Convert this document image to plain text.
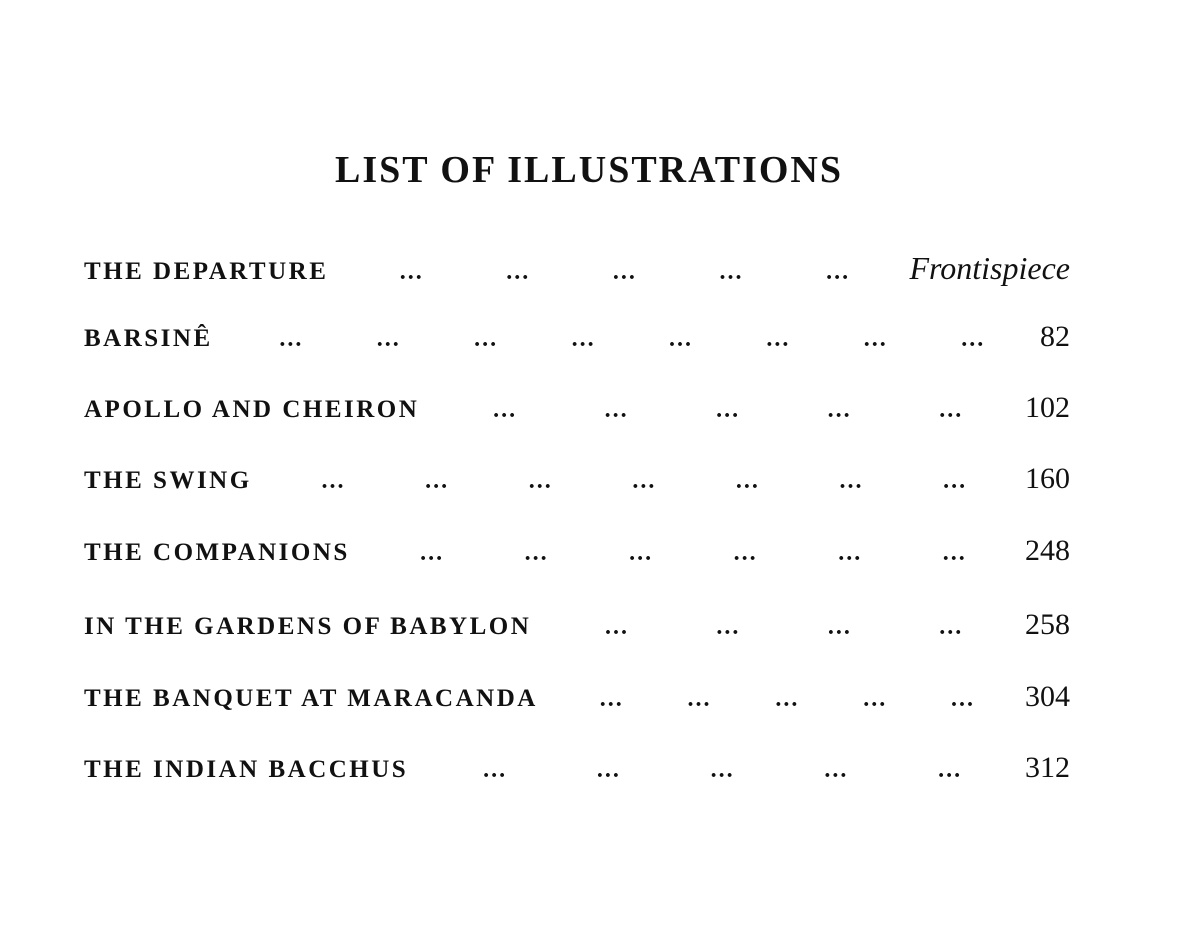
LIST OF ILLUSTRATIONS
THE DEPARTURE	...	...	...	...	... Frontispiece
BARSINÊ	...	...	...	...	...	...	...	... 82
APOLLO AND CHEIRON	...	...	...	...	... 102
THE SWING	...	...	...	...	...	...	... 160
THE COMPANIONS	...	...	...	...	...	... 248
IN THE GARDENS OF BABYLON	...	...	...	... 258
THE BANQUET AT MARACANDA	...	...	...	...	... 304
THE INDIAN BACCHUS	...	...	...	...	... 312
